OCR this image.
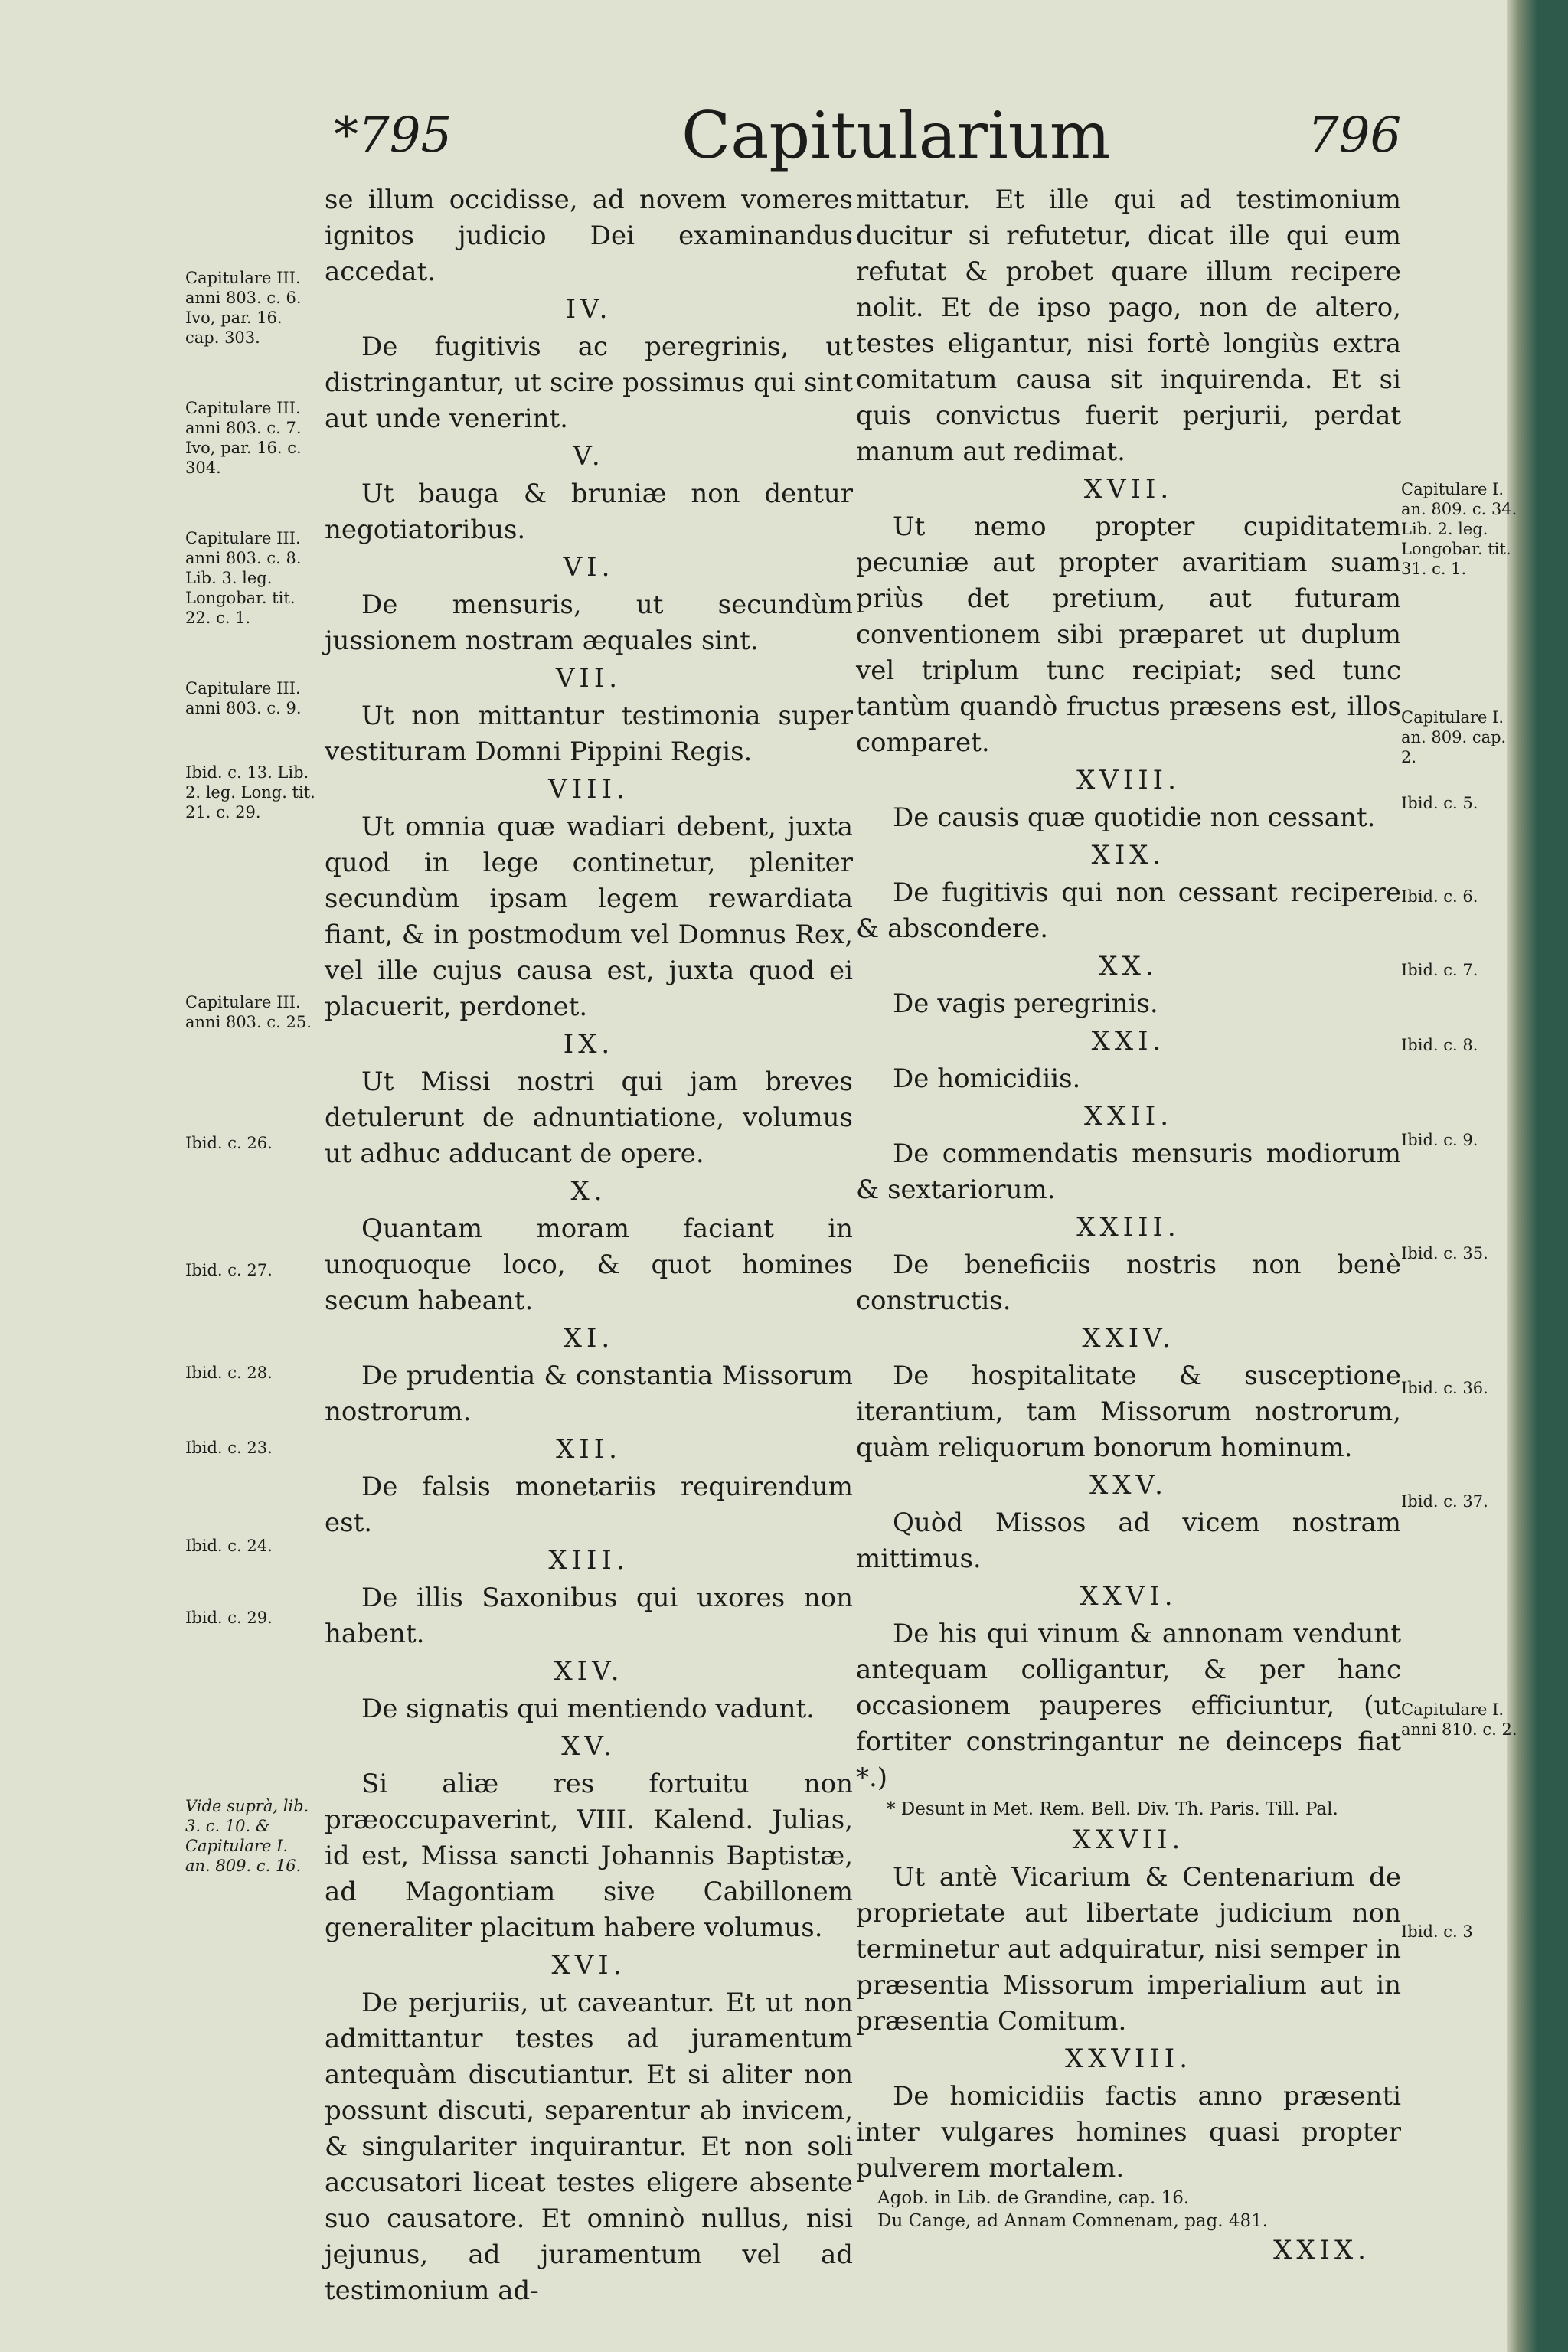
*795	Capitularium	796

se illum occidisse, ad novem vomeres ignitos judicio Dei examinandus accedat.

IV.

De fugitivis ac peregrinis, ut distringantur, ut scire possimus qui sint aut unde venerint.

V.

Ut bauga & bruniæ non dentur negotiatoribus.

VI.

De mensuris, ut secundùm jussionem nostram æquales sint.

VII.

Ut non mittantur testimonia super vestituram Domni Pippini Regis.

VIII.

Ut omnia quæ wadiari debent, juxta quod in lege continetur, pleniter secundùm ipsam legem rewardiata fiant, & in postmodum vel Domnus Rex, vel ille cujus causa est, juxta quod ei placuerit, perdonet.

IX.

Ut Missi nostri qui jam breves detulerunt de adnuntiatione, volumus ut adhuc adducant de opere.

X.

Quantam moram faciant in unoquoque loco, & quot homines secum habeant.

XI.

De prudentia & constantia Missorum nostrorum.

XII.

De falsis monetariis requirendum est.

XIII.

De illis Saxonibus qui uxores non habent.

XIV.

De signatis qui mentiendo vadunt.

XV.

Si aliæ res fortuitu non præoccupaverint, VIII. Kalend. Julias, id est, Missa sancti Johannis Baptistæ, ad Magontiam sive Cabillonem generaliter placitum habere volumus.

XVI.

De perjuriis, ut caveantur. Et ut non admittantur testes ad juramentum antequàm discutiantur. Et si aliter non possunt discuti, separentur ab invicem, & singulariter inquirantur. Et non soli accusatori liceat testes eligere absente suo causatore. Et omninò nullus, nisi jejunus, ad juramentum vel ad testimonium ad-

mittatur. Et ille qui ad testimonium ducitur si refutetur, dicat ille qui eum refutat & probet quare illum recipere nolit. Et de ipso pago, non de altero, testes eligantur, nisi fortè longiùs extra comitatum causa sit inquirenda. Et si quis convictus fuerit perjurii, perdat manum aut redimat.

XVII.

Ut nemo propter cupiditatem pecuniæ aut propter avaritiam suam priùs det pretium, aut futuram conventionem sibi præparet ut duplum vel triplum tunc recipiat; sed tunc tantùm quandò fructus præsens est, illos comparet.

XVIII.

De causis quæ quotidie non cessant.

XIX.

De fugitivis qui non cessant recipere & abscondere.

XX.

De vagis peregrinis.

XXI.

De homicidiis.

XXII.

De commendatis mensuris modiorum & sextariorum.

XXIII.

De beneficiis nostris non benè constructis.

XXIV.

De hospitalitate & susceptione iterantium, tam Missorum nostrorum, quàm reliquorum bonorum hominum.

XXV.

Quòd Missos ad vicem nostram mittimus.

XXVI.

De his qui vinum & annonam vendunt antequam colligantur, & per hanc occasionem pauperes efficiuntur, (ut fortiter constringantur ne deinceps fiat *.)

* Desunt in Met. Rem. Bell. Div. Th. Paris. Till. Pal.
XXVII.

Ut antè Vicarium & Centenarium de proprietate aut libertate judicium non terminetur aut adquiratur, nisi semper in præsentia Missorum imperialium aut in præsentia Comitum.

XXVIII.

De homicidiis factis anno præsenti inter vulgares homines quasi propter pulverem mortalem.

Agob. in Lib. de Grandine, cap. 16.
Du Cange, ad Annam Comnenam, pag. 481.
XXIX.
Capitulare III. anni 803. c. 6. Ivo, par. 16. cap. 303.
Capitulare III. anni 803. c. 7. Ivo, par. 16. c. 304.
Capitulare III. anni 803. c. 8. Lib. 3. leg. Longobar. tit. 22. c. 1.
Capitulare III. anni 803. c. 9.
Ibid. c. 13. Lib. 2. leg. Long. tit. 21. c. 29.
Capitulare III. anni 803. c. 25.
Ibid. c. 26.
Ibid. c. 27.
Ibid. c. 28.
Ibid. c. 23.
Ibid. c. 24.
Ibid. c. 29.
Vide suprà, lib. 3. c. 10. & Capitulare I. an. 809. c. 16.
Capitulare I. an. 809. c. 34. Lib. 2. leg. Longobar. tit. 31. c. 1.
Capitulare I. an. 809. cap. 2.
Ibid. c. 5.
Ibid. c. 6.
Ibid. c. 7.
Ibid. c. 8.
Ibid. c. 9.
Ibid. c. 35.
Ibid. c. 36.
Ibid. c. 37.
Capitulare I. anni 810. c. 2.
Ibid. c. 3
